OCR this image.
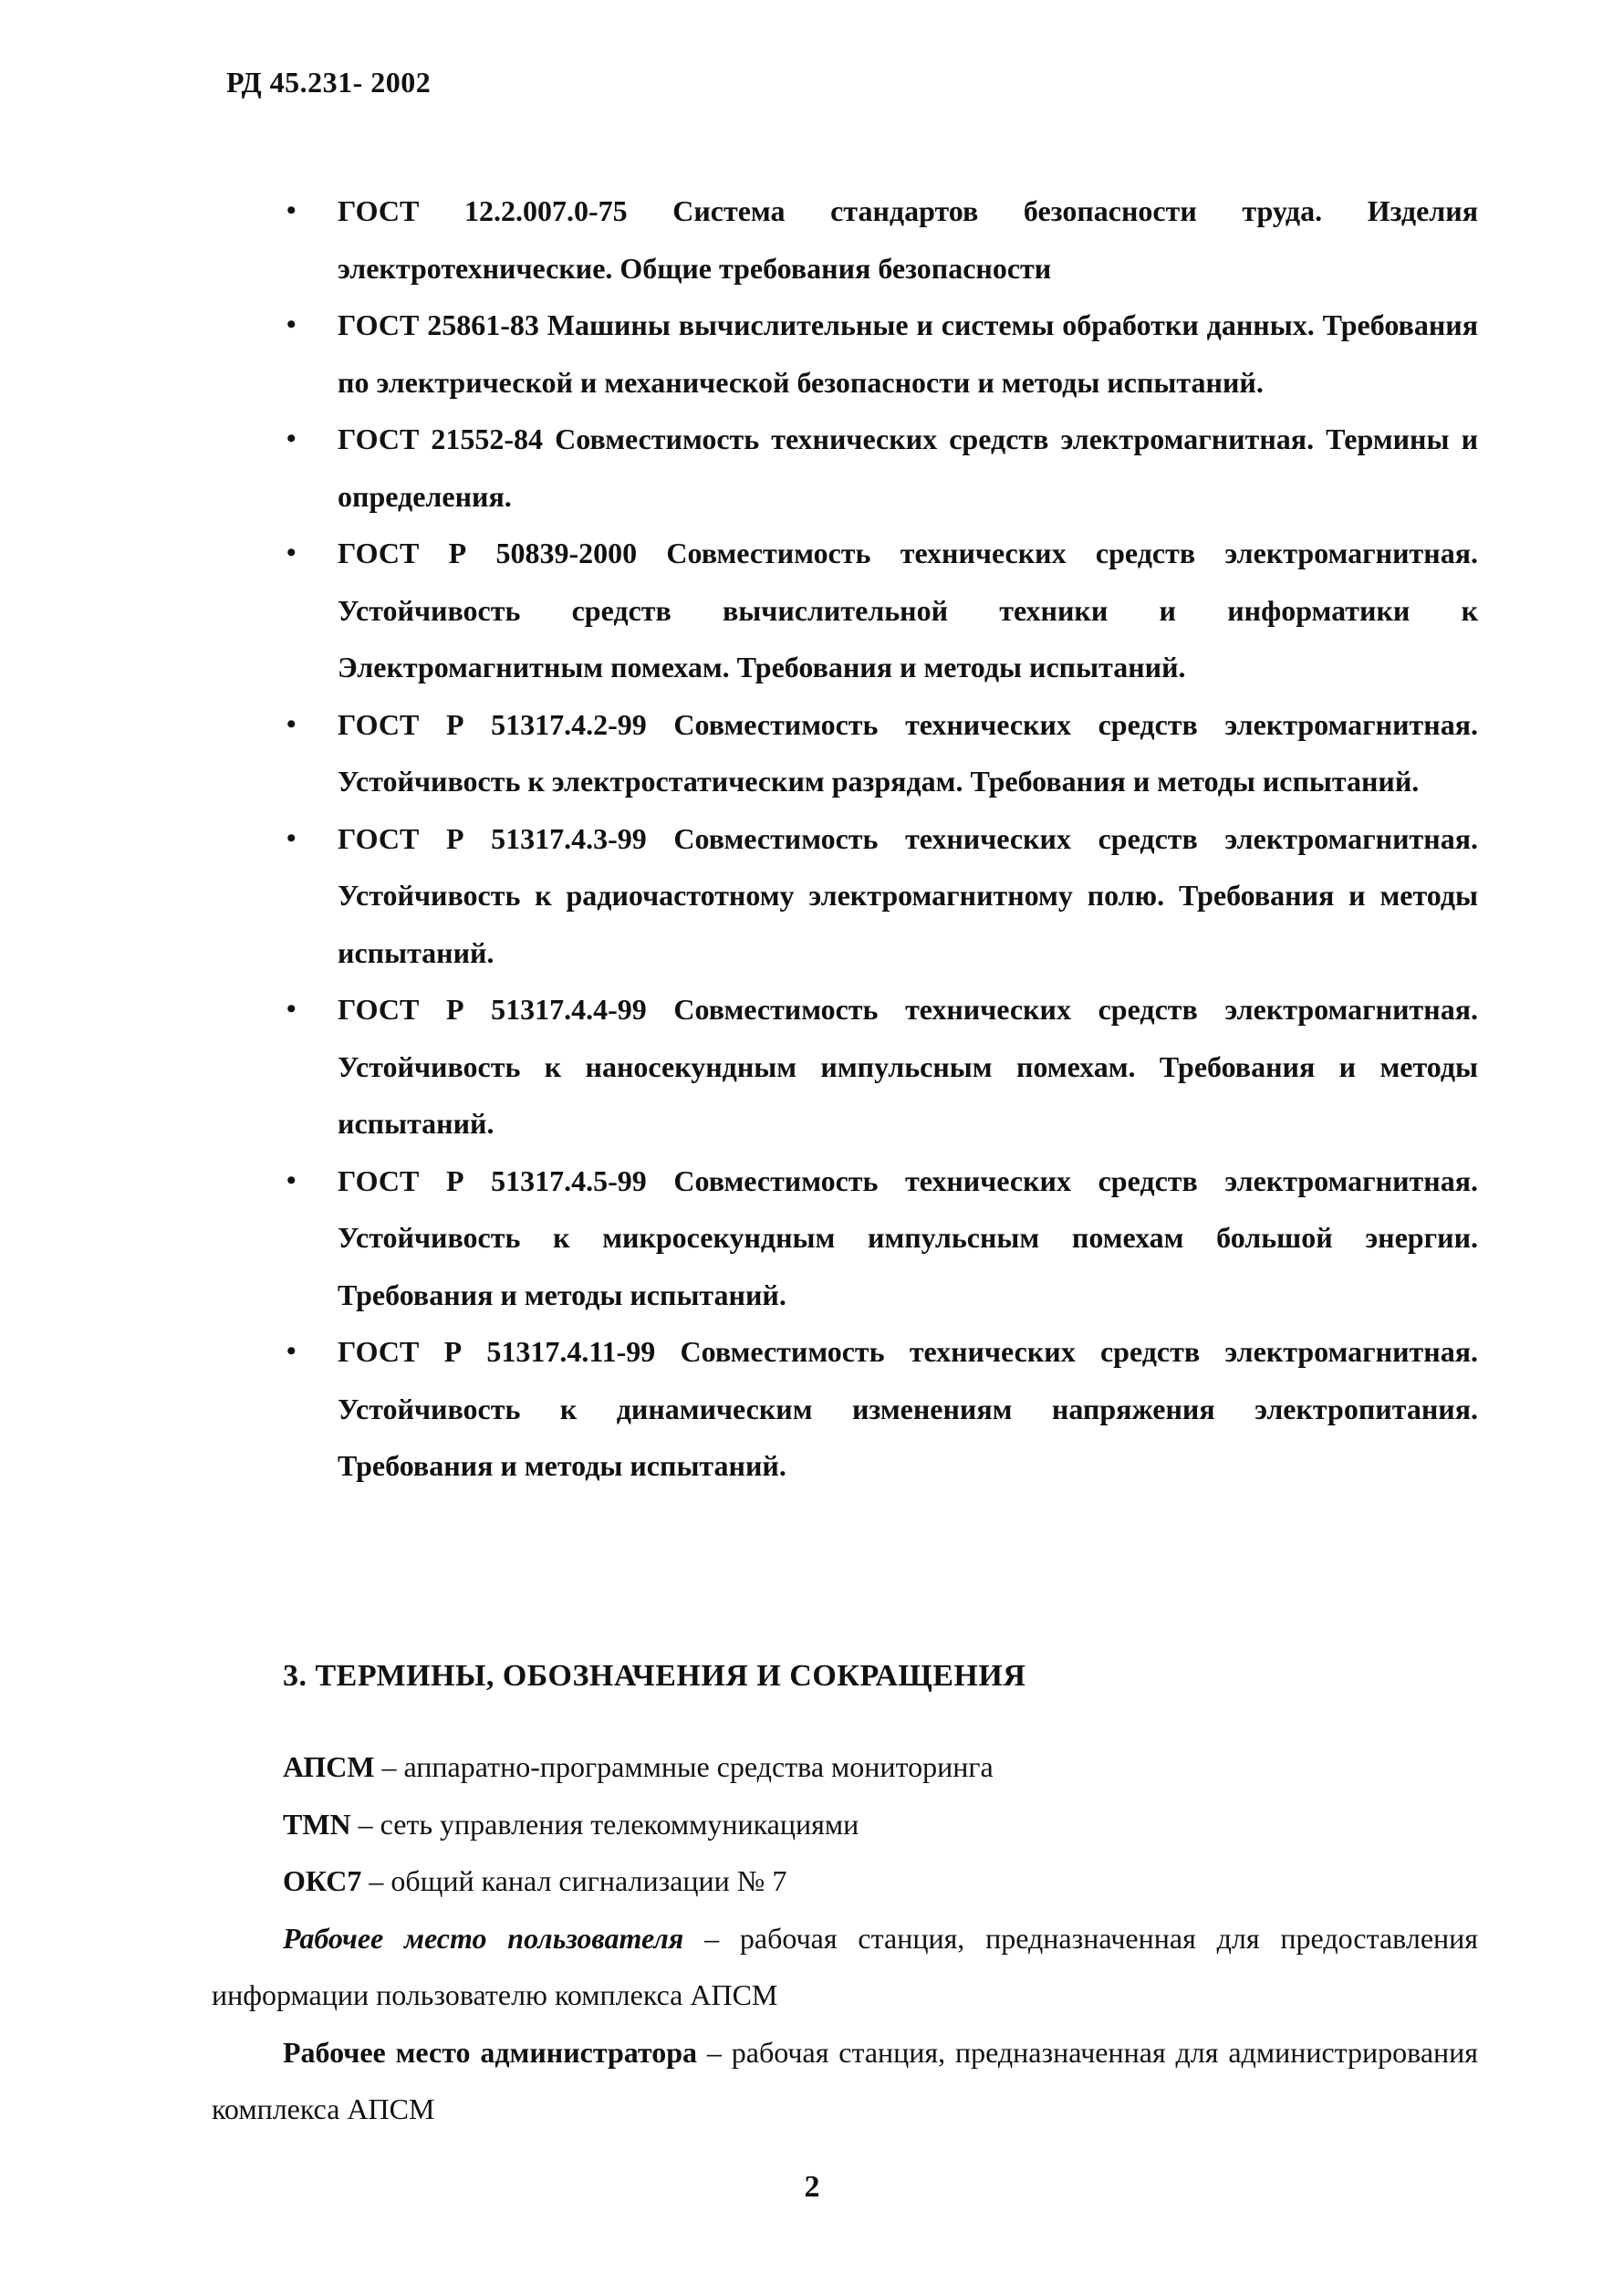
РД 45.231- 2002
• ГОСТ 12.2.007.0-75 Система стандартов безопасности труда. Изделия электротехнические. Общие требования безопасности
• ГОСТ 25861-83 Машины вычислительные и системы обработки данных. Требования по электрической и механической безопасности и методы испытаний.
• ГОСТ 21552-84 Совместимость технических средств электромагнитная. Термины и определения.
• ГОСТ Р 50839-2000 Совместимость технических средств электромагнитная. Устойчивость средств вычислительной техники и информатики к Электромагнитным помехам. Требования и методы испытаний.
• ГОСТ Р 51317.4.2-99 Совместимость технических средств электромагнитная. Устойчивость к электростатическим разрядам. Требования и методы испытаний.
• ГОСТ Р 51317.4.3-99 Совместимость технических средств электромагнитная. Устойчивость к радиочастотному электромагнитному полю. Требования и методы испытаний.
• ГОСТ Р 51317.4.4-99 Совместимость технических средств электромагнитная. Устойчивость к наносекундным импульсным помехам. Требования и методы испытаний.
• ГОСТ Р 51317.4.5-99 Совместимость технических средств электромагнитная. Устойчивость к микросекундным импульсным помехам большой энергии. Требования и методы испытаний.
• ГОСТ Р 51317.4.11-99 Совместимость технических средств электромагнитная. Устойчивость к динамическим изменениям напряжения электропитания. Требования и методы испытаний.
3. ТЕРМИНЫ, ОБОЗНАЧЕНИЯ И СОКРАЩЕНИЯ

АПСМ – аппаратно-программные средства мониторинга

TMN – сеть управления телекоммуникациями

ОКС7 – общий канал сигнализации № 7

Рабочее место пользователя – рабочая станция, предназначенная для предоставления информации пользователю комплекса АПСМ

Рабочее место администратора – рабочая станция, предназначенная для администрирования комплекса АПСМ

2
